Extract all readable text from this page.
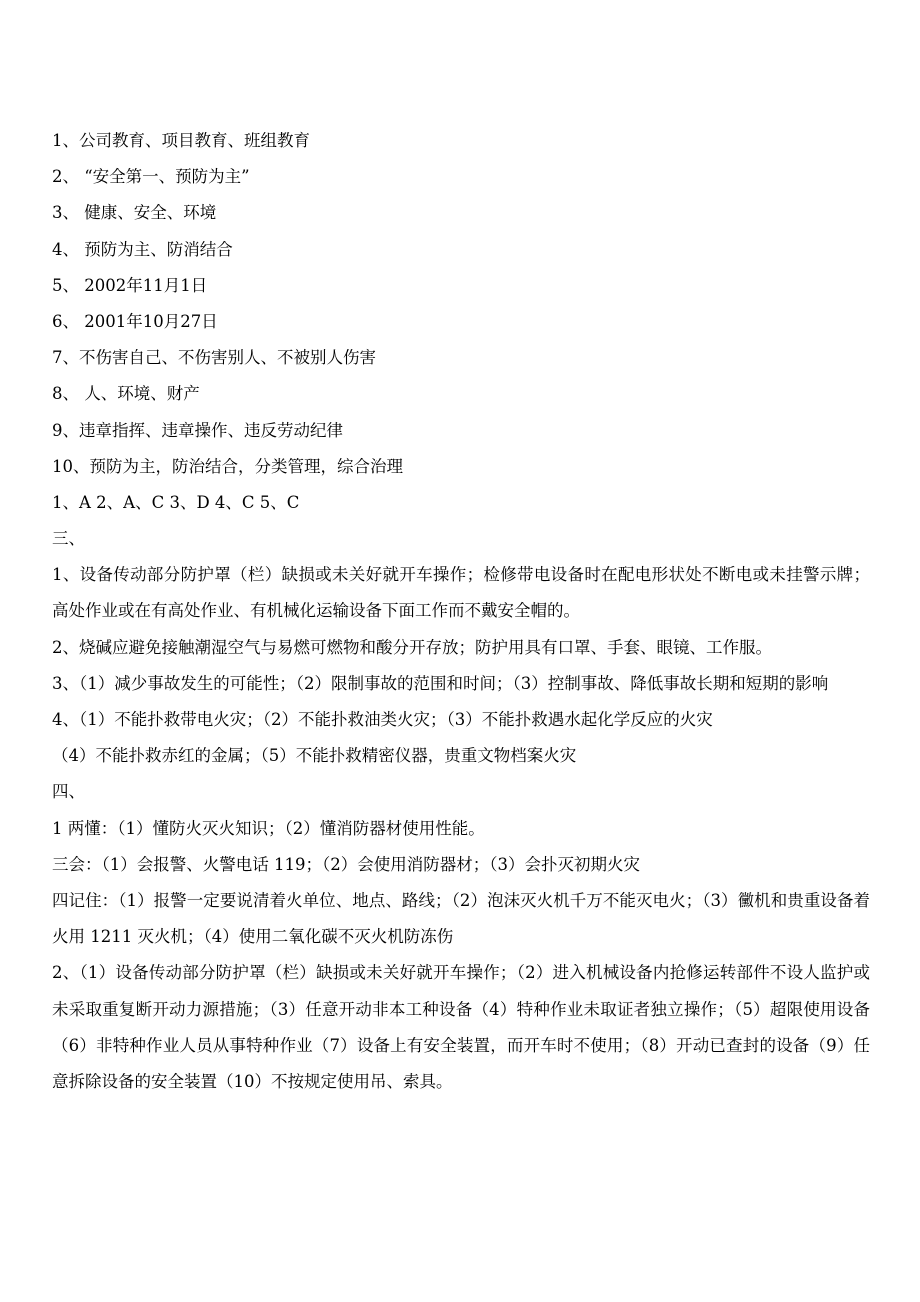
1、公司教育、项目教育、班组教育
2、 “安全第一、预防为主”
3、 健康、安全、环境
4、 预防为主、防消结合
5、 2002年11月1日
6、 2001年10月27日
7、不伤害自己、不伤害别人、不被别人伤害
8、 人、环境、财产
9、违章指挥、违章操作、违反劳动纪律
10、预防为主，防治结合，分类管理，综合治理
1、A 2、A、C 3、D 4、C 5、C
三、
1、设备传动部分防护罩（栏）缺损或未关好就开车操作；检修带电设备时在配电形状处不断电或未挂警示牌；高处作业或在有高处作业、有机械化运输设备下面工作而不戴安全帽的。
2、烧碱应避免接触潮湿空气与易燃可燃物和酸分开存放；防护用具有口罩、手套、眼镜、工作服。
3、（1）减少事故发生的可能性；（2）限制事故的范围和时间；（3）控制事故、降低事故长期和短期的影响
4、（1）不能扑救带电火灾；（2）不能扑救油类火灾；（3）不能扑救遇水起化学反应的火灾
（4）不能扑救赤红的金属；（5）不能扑救精密仪器，贵重文物档案火灾
四、
1 两懂：（1）懂防火灭火知识；（2）懂消防器材使用性能。
三会：（1）会报警、火警电话 119；（2）会使用消防器材；（3）会扑灭初期火灾
四记住：（1）报警一定要说清着火单位、地点、路线；（2）泡沫灭火机千万不能灭电火；（3）黴机和贵重设备着火用 1211 灭火机；（4）使用二氧化碳不灭火机防冻伤
2、（1）设备传动部分防护罩（栏）缺损或未关好就开车操作；（2）进入机械设备内抢修运转部件不设人监护或未采取重复断开动力源措施；（3）任意开动非本工种设备（4）特种作业未取证者独立操作；（5）超限使用设备（6）非特种作业人员从事特种作业（7）设备上有安全装置，而开车时不使用；（8）开动已查封的设备（9）任意拆除设备的安全装置（10）不按规定使用吊、索具。
